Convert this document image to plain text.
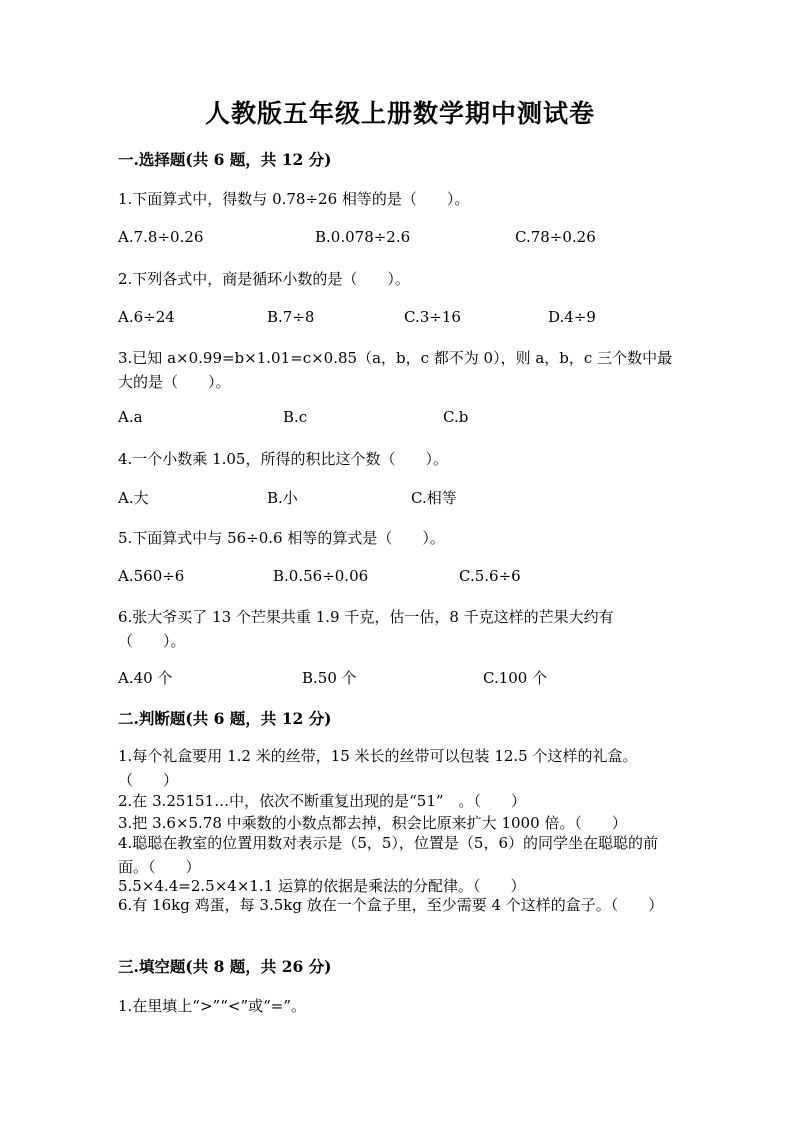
人教版五年级上册数学期中测试卷
一.选择题(共 6 题，共 12 分)
1.下面算式中，得数与 0.78÷26 相等的是（　　）。
A.7.8÷0.26	B.0.078÷2.6	C.78÷0.26
2.下列各式中，商是循环小数的是（　　）。
A.6÷24	B.7÷8	C.3÷16	D.4÷9
3.已知 a×0.99=b×1.01=c×0.85（a，b，c 都不为 0），则 a，b，c 三个数中最大的是（　　）。
A.a	B.c	C.b
4.一个小数乘 1.05，所得的积比这个数（　　）。
A.大	B.小	C.相等
5.下面算式中与 56÷0.6 相等的算式是（　　）。
A.560÷6	B.0.56÷0.06	C.5.6÷6
6.张大爷买了 13 个芒果共重 1.9 千克，估一估，8 千克这样的芒果大约有（　　）。
A.40 个	B.50 个	C.100 个
二.判断题(共 6 题，共 12 分)
1.每个礼盒要用 1.2 米的丝带，15 米长的丝带可以包装 12.5 个这样的礼盒。（　　）
2.在 3.25151…中，依次不断重复出现的是“51”　。（　　）
3.把 3.6×5.78 中乘数的小数点都去掉，积会比原来扩大 1000 倍。（　　）
4.聪聪在教室的位置用数对表示是（5，5），位置是（5，6）的同学坐在聪聪的前面。（　　）
5.5×4.4=2.5×4×1.1 运算的依据是乘法的分配律。（　　）
6.有 16kg 鸡蛋，每 3.5kg 放在一个盒子里，至少需要 4 个这样的盒子。（　　）
三.填空题(共 8 题，共 26 分)
1.在里填上“>”“<”或“=”。
